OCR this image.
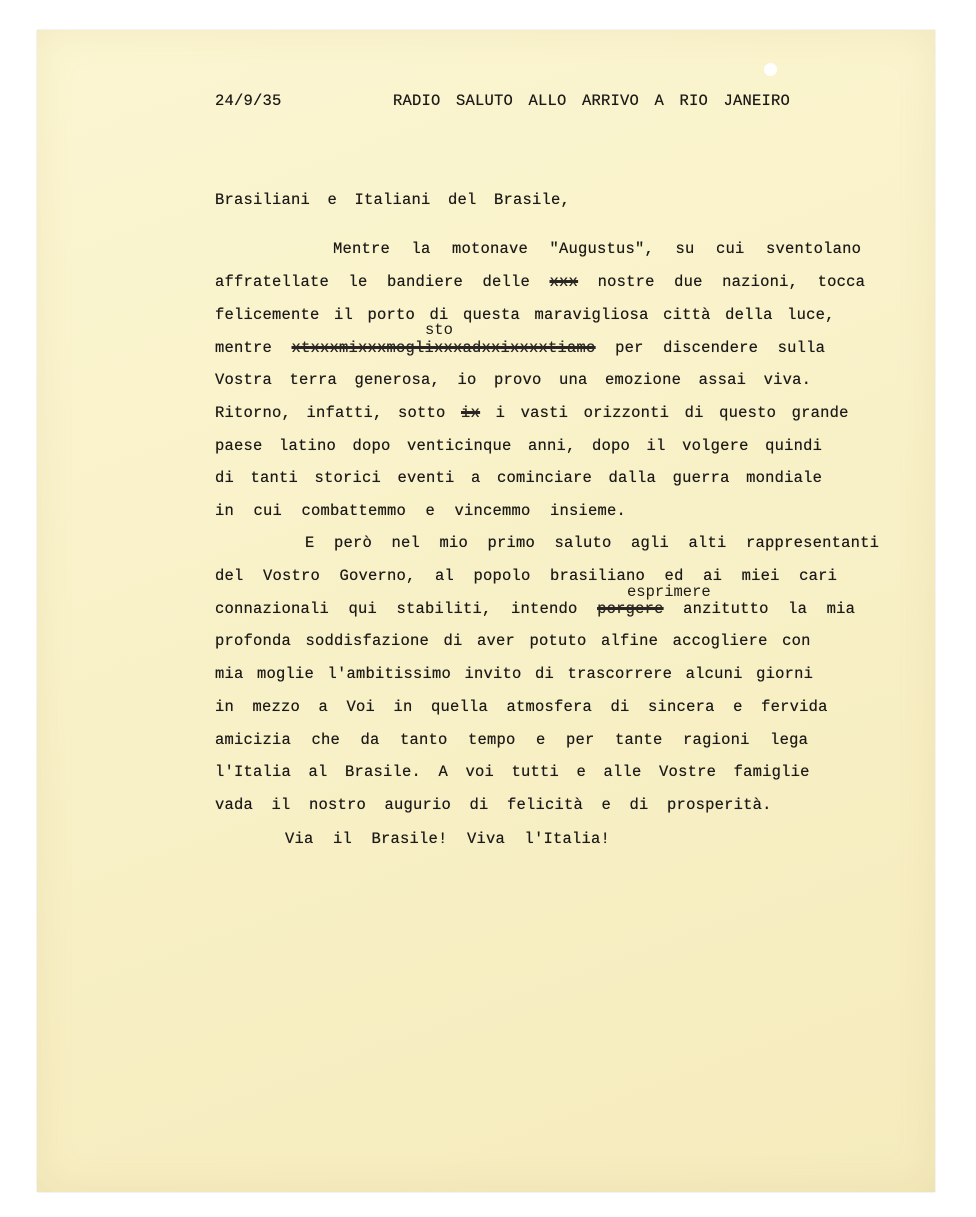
24/9/35	RADIO SALUTO ALLO ARRIVO A RIO JANEIRO
Brasiliani e Italiani del Brasile,
Mentre la motonave "Augustus", su cui sventolano
affratellate le bandiere delle xxx nostre due nazioni, tocca
felicemente il porto di questa maravigliosa città della luce,
sto
mentre xtxxxmixxxmoglixxxadxxixxxxtiamo per discendere sulla
Vostra terra generosa, io provo una emozione assai viva.
Ritorno, infatti, sotto ix i vasti orizzonti di questo grande
paese latino dopo venticinque anni, dopo il volgere quindi
di tanti storici eventi a cominciare dalla guerra mondiale
in cui combattemmo e vincemmo insieme.
E però nel mio primo saluto agli alti rappresentanti
del Vostro Governo, al popolo brasiliano ed ai miei cari
esprimere
connazionali qui stabiliti, intendo porgere anzitutto la mia
profonda soddisfazione di aver potuto alfine accogliere con
mia moglie l'ambitissimo invito di trascorrere alcuni giorni
in mezzo a Voi in quella atmosfera di sincera e fervida
amicizia che da tanto tempo e per tante ragioni lega
l'Italia al Brasile. A voi tutti e alle Vostre famiglie
vada il nostro augurio di felicità e di prosperità.
Via il Brasile! Viva l'Italia!
